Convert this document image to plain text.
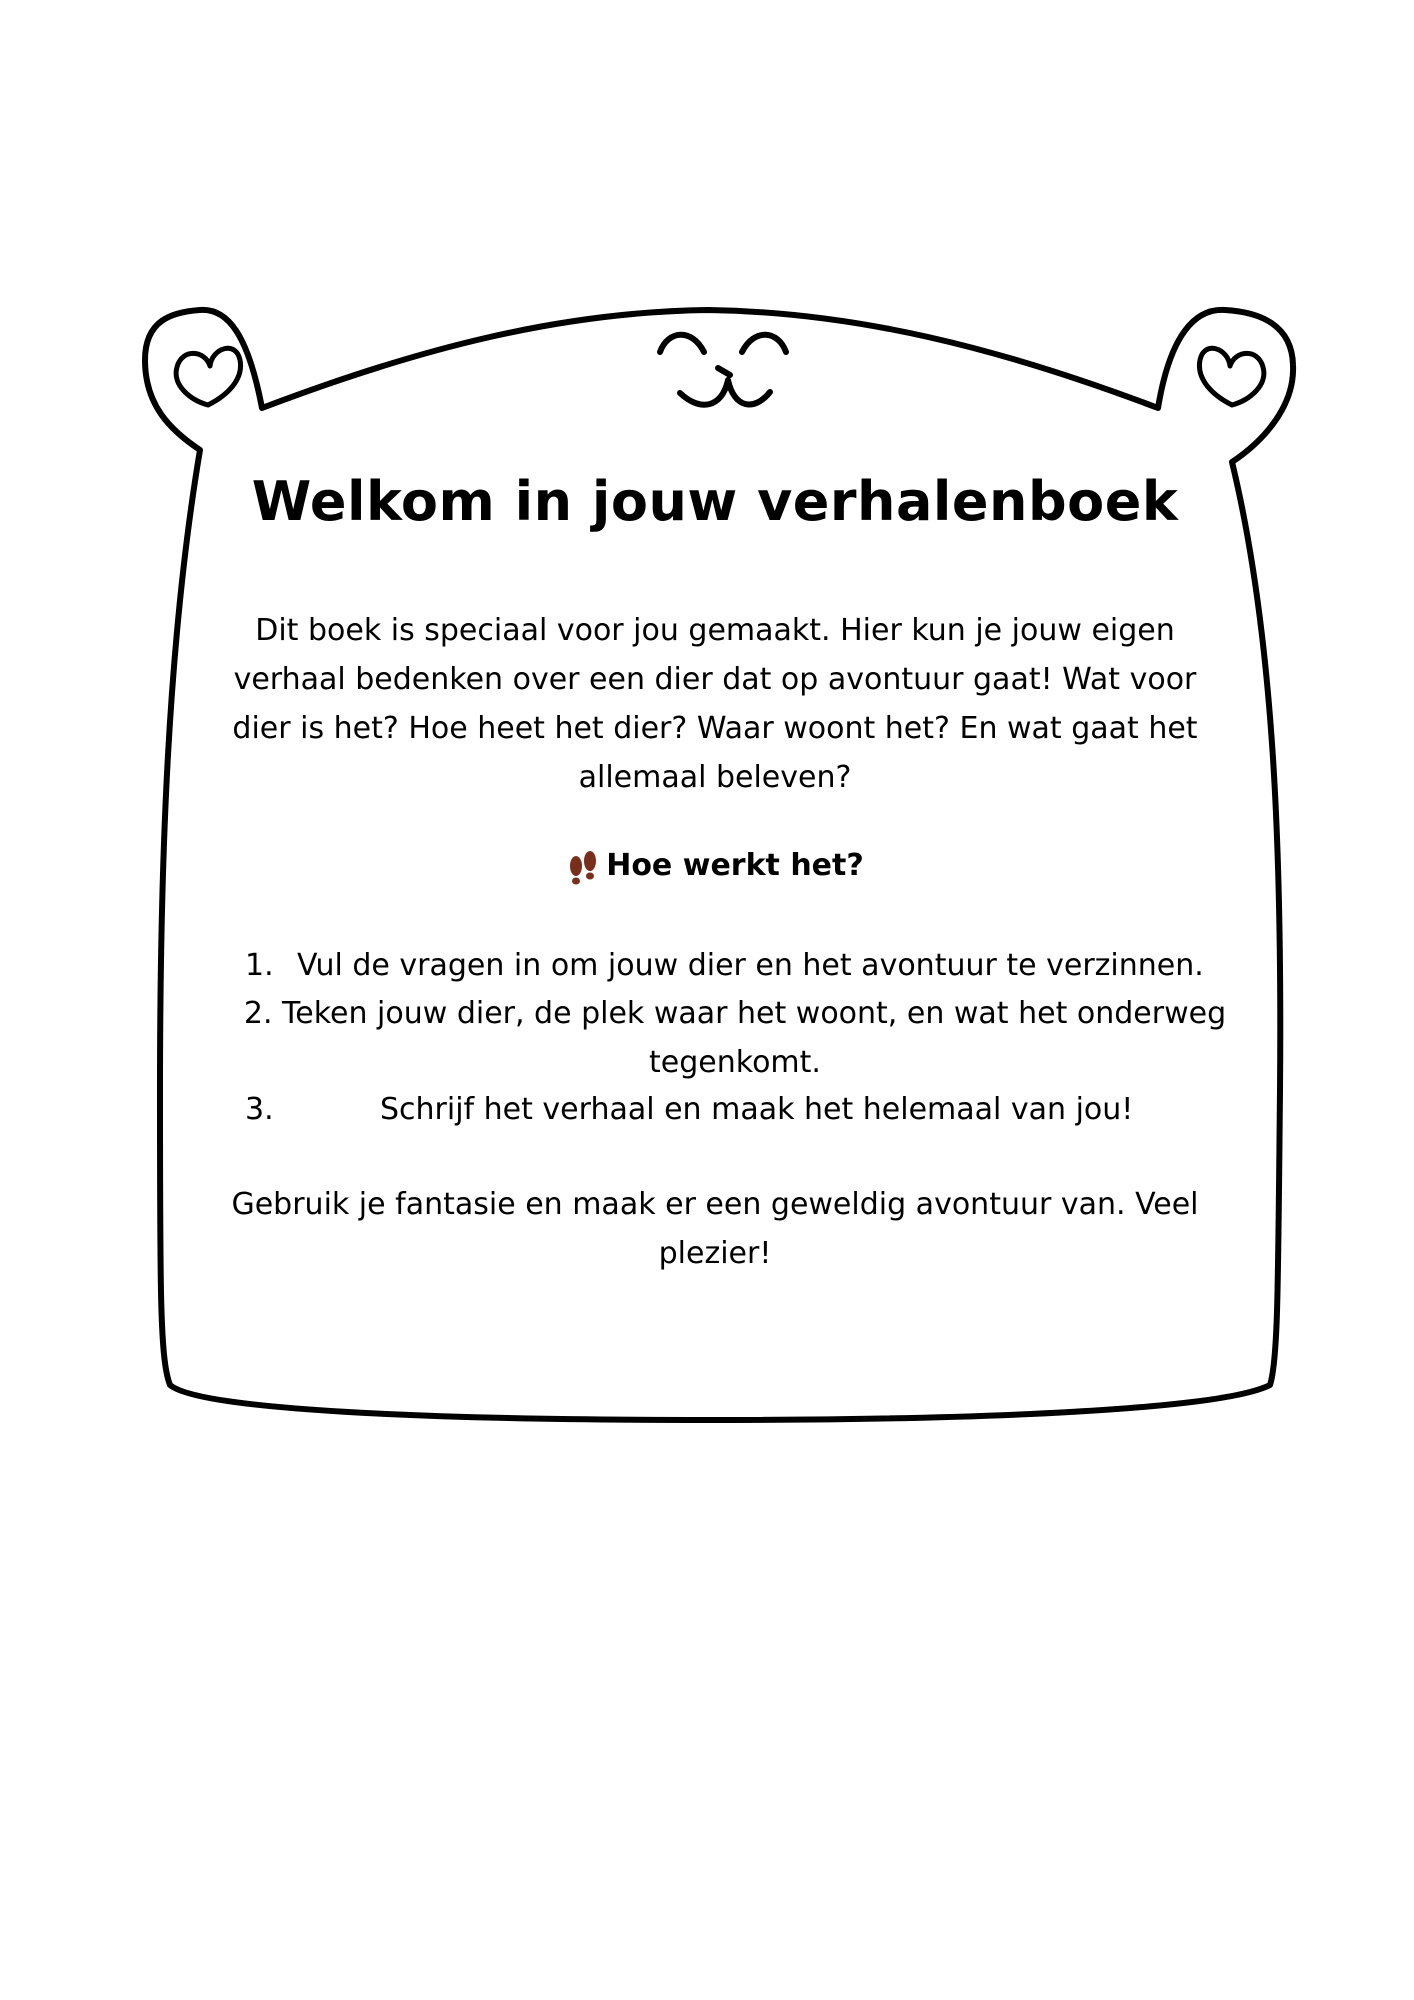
Welkom in jouw verhalenboek
Dit boek is speciaal voor jou gemaakt. Hier kun je jouw eigen verhaal bedenken over een dier dat op avontuur gaat! Wat voor dier is het? Hoe heet het dier? Waar woont het? En wat gaat het allemaal beleven?
Hoe werkt het?
1. Vul de vragen in om jouw dier en het avontuur te verzinnen.
2. Teken jouw dier, de plek waar het woont, en wat het onderweg tegenkomt.
3.	Schrijf het verhaal en maak het helemaal van jou!
Gebruik je fantasie en maak er een geweldig avontuur van. Veel plezier!
